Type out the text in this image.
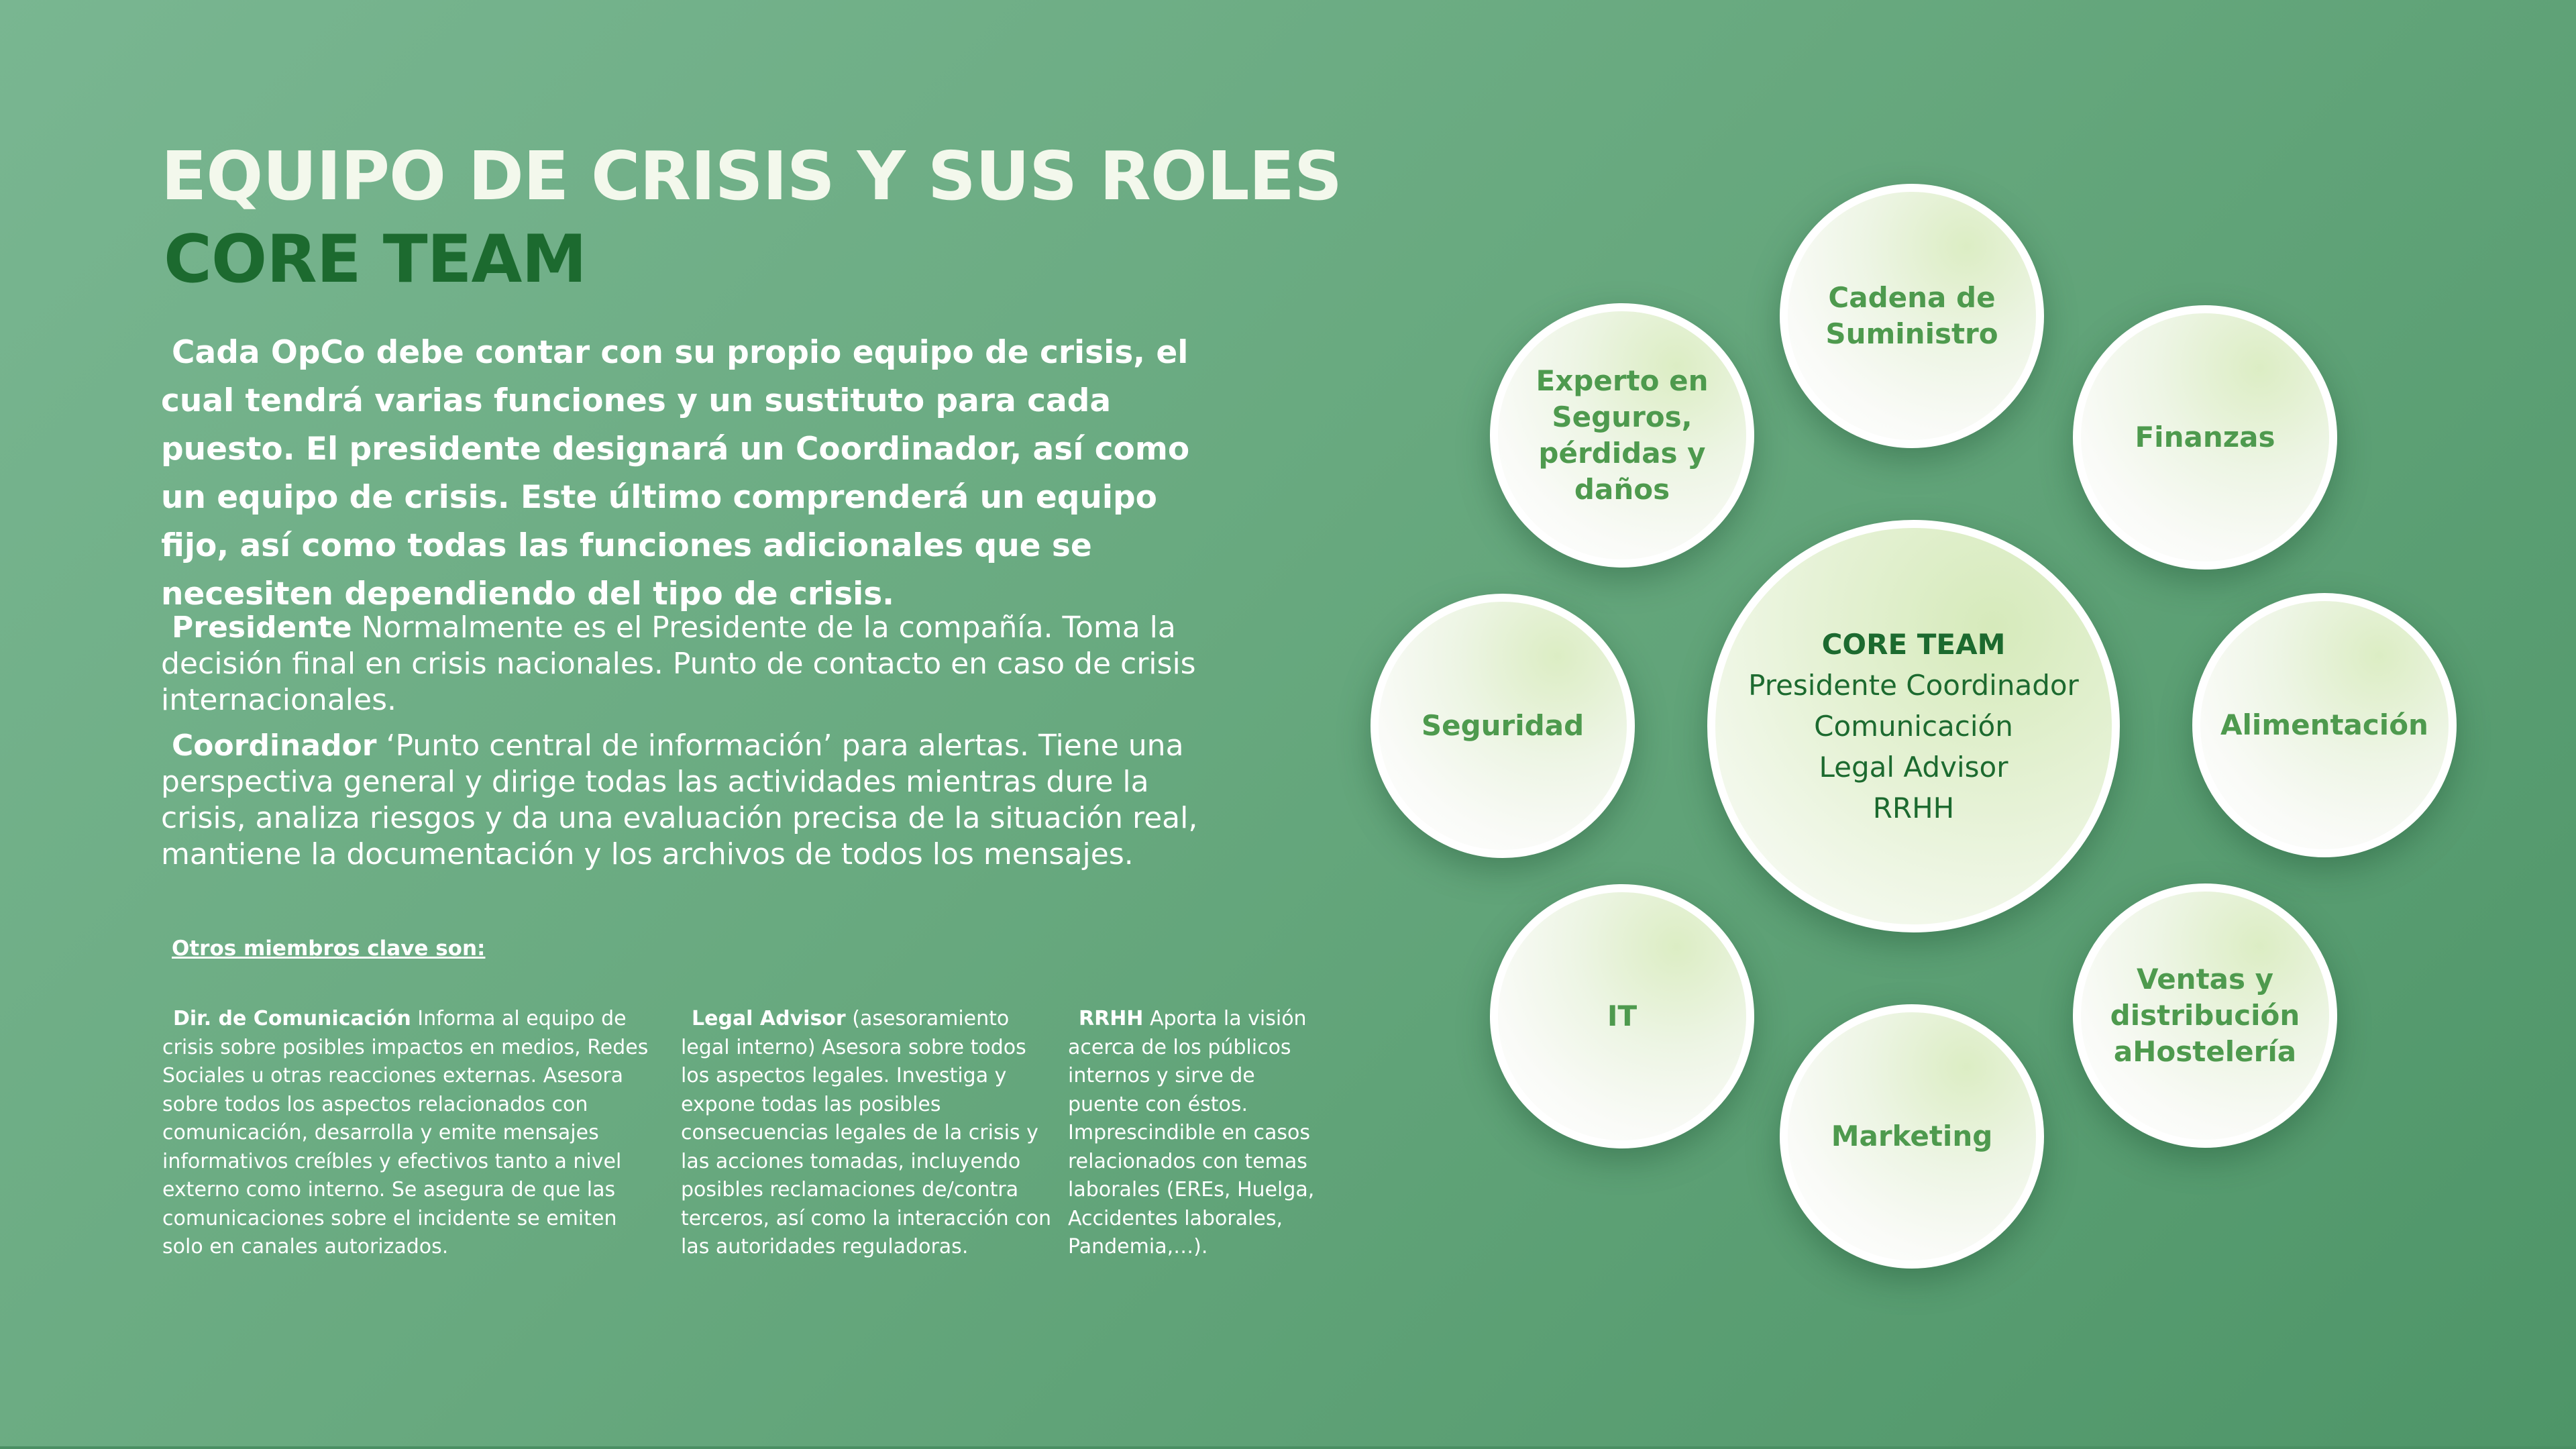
EQUIPO DE CRISIS Y SUS ROLES
CORE TEAM

Cada OpCo debe contar con su propio equipo de crisis, el cual tendrá varias funciones y un sustituto para cada puesto. El presidente designará un Coordinador, así como un equipo de crisis. Este último comprenderá un equipo fijo, así como todas las funciones adicionales que se necesiten dependiendo del tipo de crisis.

Presidente Normalmente es el Presidente de la compañía. Toma la decisión final en crisis nacionales. Punto de contacto en caso de crisis internacionales.

Coordinador ‘Punto central de información’ para alertas. Tiene una perspectiva general y dirige todas las actividades mientras dure la crisis, analiza riesgos y da una evaluación precisa de la situación real, mantiene la documentación y los archivos de todos los mensajes.

Otros miembros clave son:

Dir. de Comunicación Informa al equipo de crisis sobre posibles impactos en medios, Redes Sociales u otras reacciones externas. Asesora sobre todos los aspectos relacionados con comunicación, desarrolla y emite mensajes informativos creíbles y efectivos tanto a nivel externo como interno. Se asegura de que las comunicaciones sobre el incidente se emiten solo en canales autorizados.

Legal Advisor (asesoramiento legal interno) Asesora sobre todos los aspectos legales. Investiga y expone todas las posibles consecuencias legales de la crisis y las acciones tomadas, incluyendo posibles reclamaciones de/contra terceros, así como la interacción con las autoridades reguladoras.

RRHH Aporta la visión acerca de los públicos internos y sirve de puente con éstos. Imprescindible en casos relacionados con temas laborales (EREs, Huelga, Accidentes laborales, Pandemia,…).

CORE TEAM
Presidente Coordinador
Comunicación
Legal Advisor
RRHH
Cadena de
Suministro
Finanzas
Alimentación
Ventas y
distribución
aHostelería
Marketing
IT
Seguridad
Experto en
Seguros,
pérdidas y
daños
